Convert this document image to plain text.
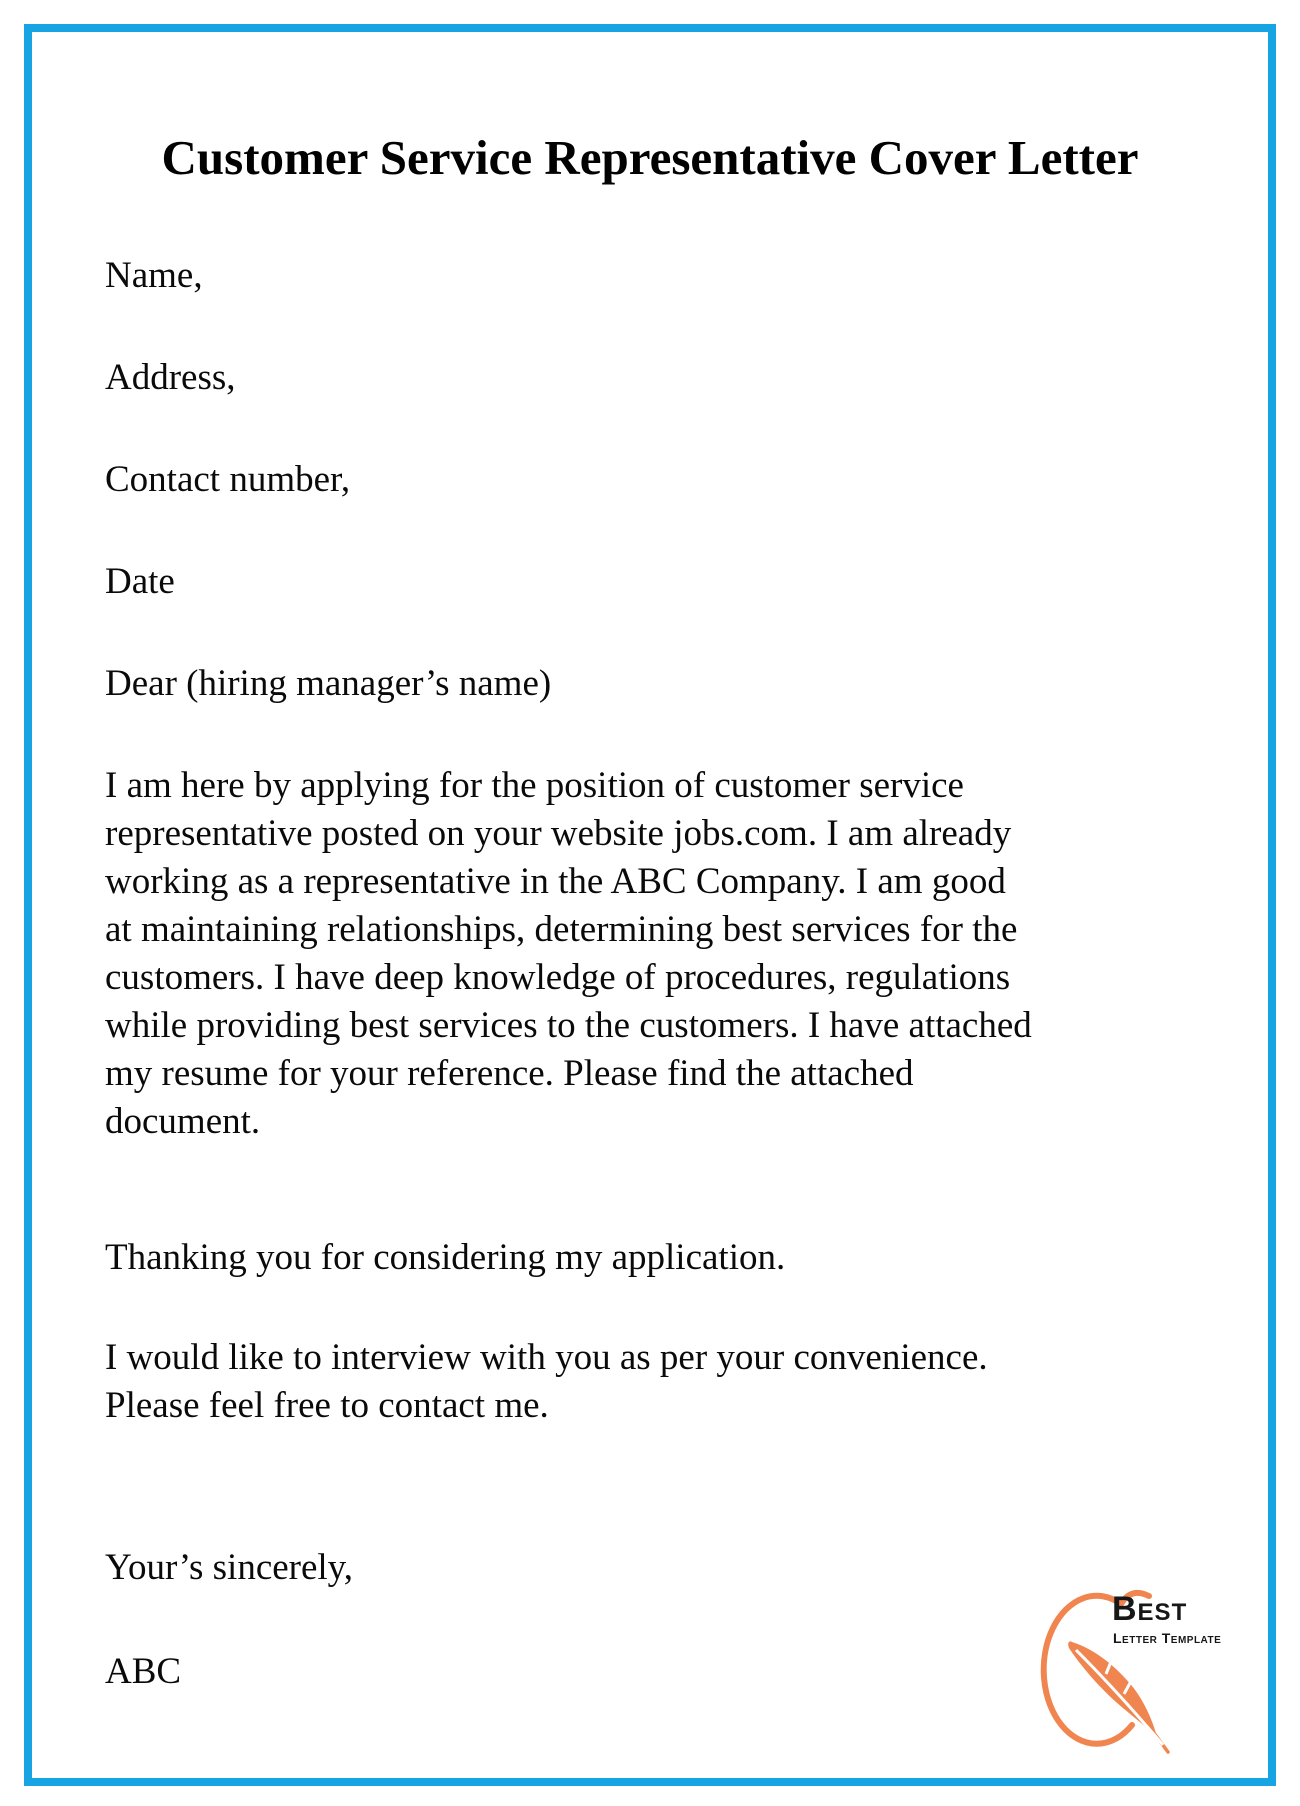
Customer Service Representative Cover Letter
Name,
Address,
Contact number,
Date
Dear (hiring manager’s name)
I am here by applying for the position of customer service
representative posted on your website jobs.com. I am already
working as a representative in the ABC Company. I am good
at maintaining relationships, determining best services for the
customers. I have deep knowledge of procedures, regulations
while providing best services to the customers. I have attached
my resume for your reference. Please find the attached
document.
Thanking you for considering my application.
I would like to interview with you as per your convenience.
Please feel free to contact me.
Your’s sincerely,
ABC
Best
Letter Template
